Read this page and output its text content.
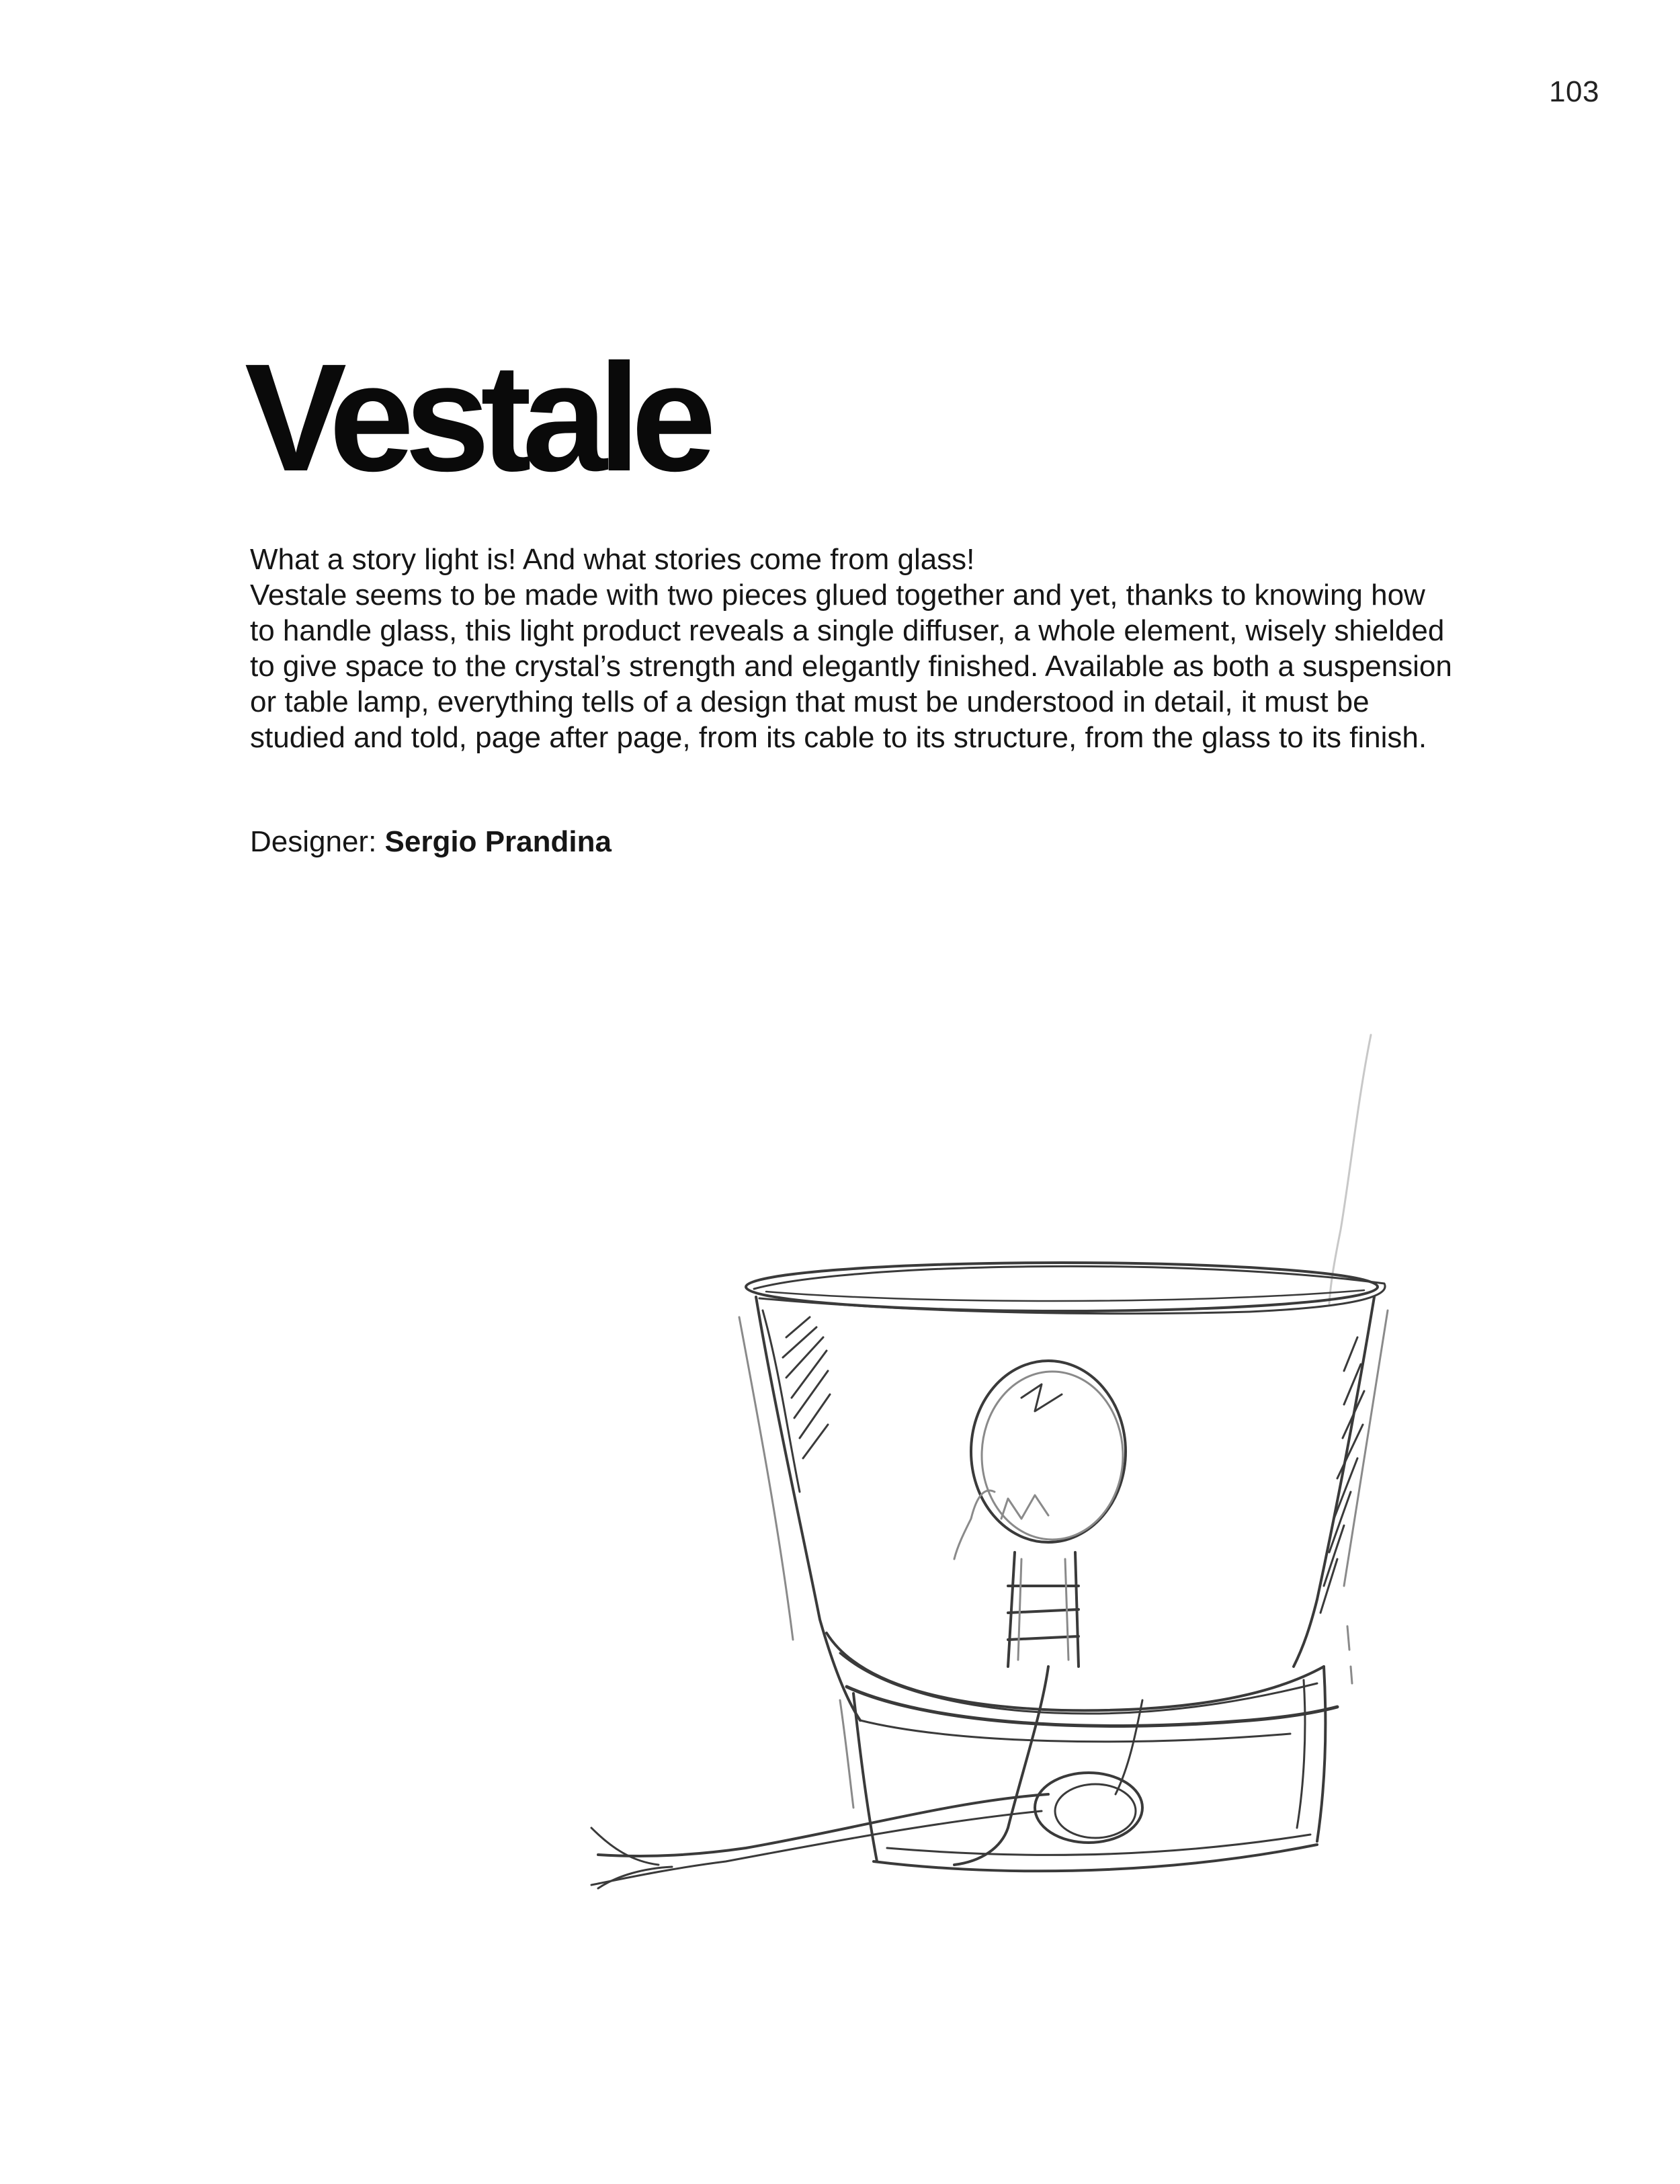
103
Vestale

What a story light is! And what stories come from glass!
Vestale seems to be made with two pieces glued together and yet, thanks to knowing how
to handle glass, this light product reveals a single diffuser, a whole element, wisely shielded
to give space to the crystal’s strength and elegantly finished. Available as both a suspension
or table lamp, everything tells of a design that must be understood in detail, it must be
studied and told, page after page, from its cable to its structure, from the glass to its finish.

Designer: Sergio Prandina
